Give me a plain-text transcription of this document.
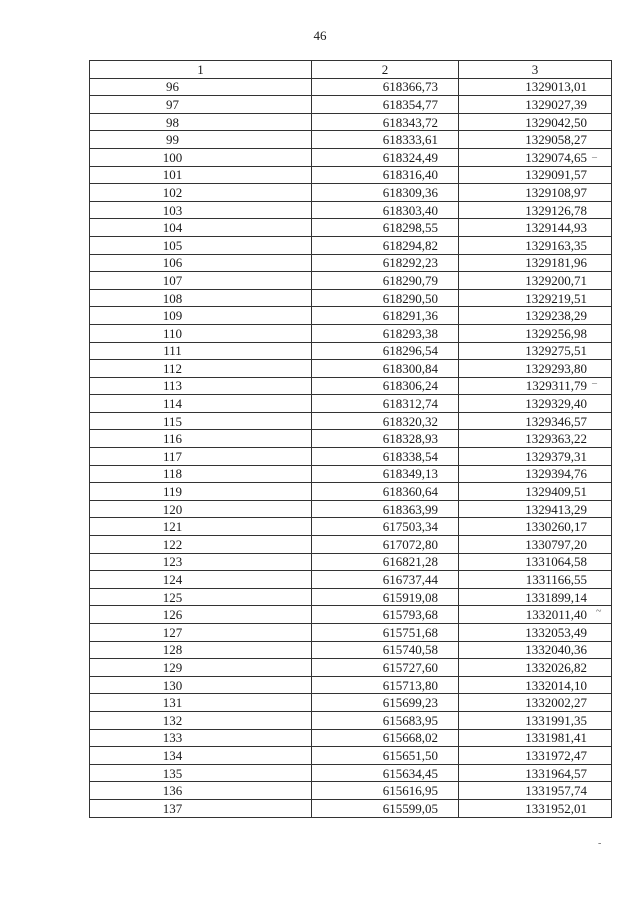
46
1	2	3
96	618366,73	1329013,01
97	618354,77	1329027,39
98	618343,72	1329042,50
99	618333,61	1329058,27
100	618324,49	1329074,65
101	618316,40	1329091,57
102	618309,36	1329108,97
103	618303,40	1329126,78
104	618298,55	1329144,93
105	618294,82	1329163,35
106	618292,23	1329181,96
107	618290,79	1329200,71
108	618290,50	1329219,51
109	618291,36	1329238,29
110	618293,38	1329256,98
111	618296,54	1329275,51
112	618300,84	1329293,80
113	618306,24	1329311,79
114	618312,74	1329329,40
115	618320,32	1329346,57
116	618328,93	1329363,22
117	618338,54	1329379,31
118	618349,13	1329394,76
119	618360,64	1329409,51
120	618363,99	1329413,29
121	617503,34	1330260,17
122	617072,80	1330797,20
123	616821,28	1331064,58
124	616737,44	1331166,55
125	615919,08	1331899,14
126	615793,68	1332011,40
127	615751,68	1332053,49
128	615740,58	1332040,36
129	615727,60	1332026,82
130	615713,80	1332014,10
131	615699,23	1332002,27
132	615683,95	1331991,35
133	615668,02	1331981,41
134	615651,50	1331972,47
135	615634,45	1331964,57
136	615616,95	1331957,74
137	615599,05	1331952,01
–
–
~
-
